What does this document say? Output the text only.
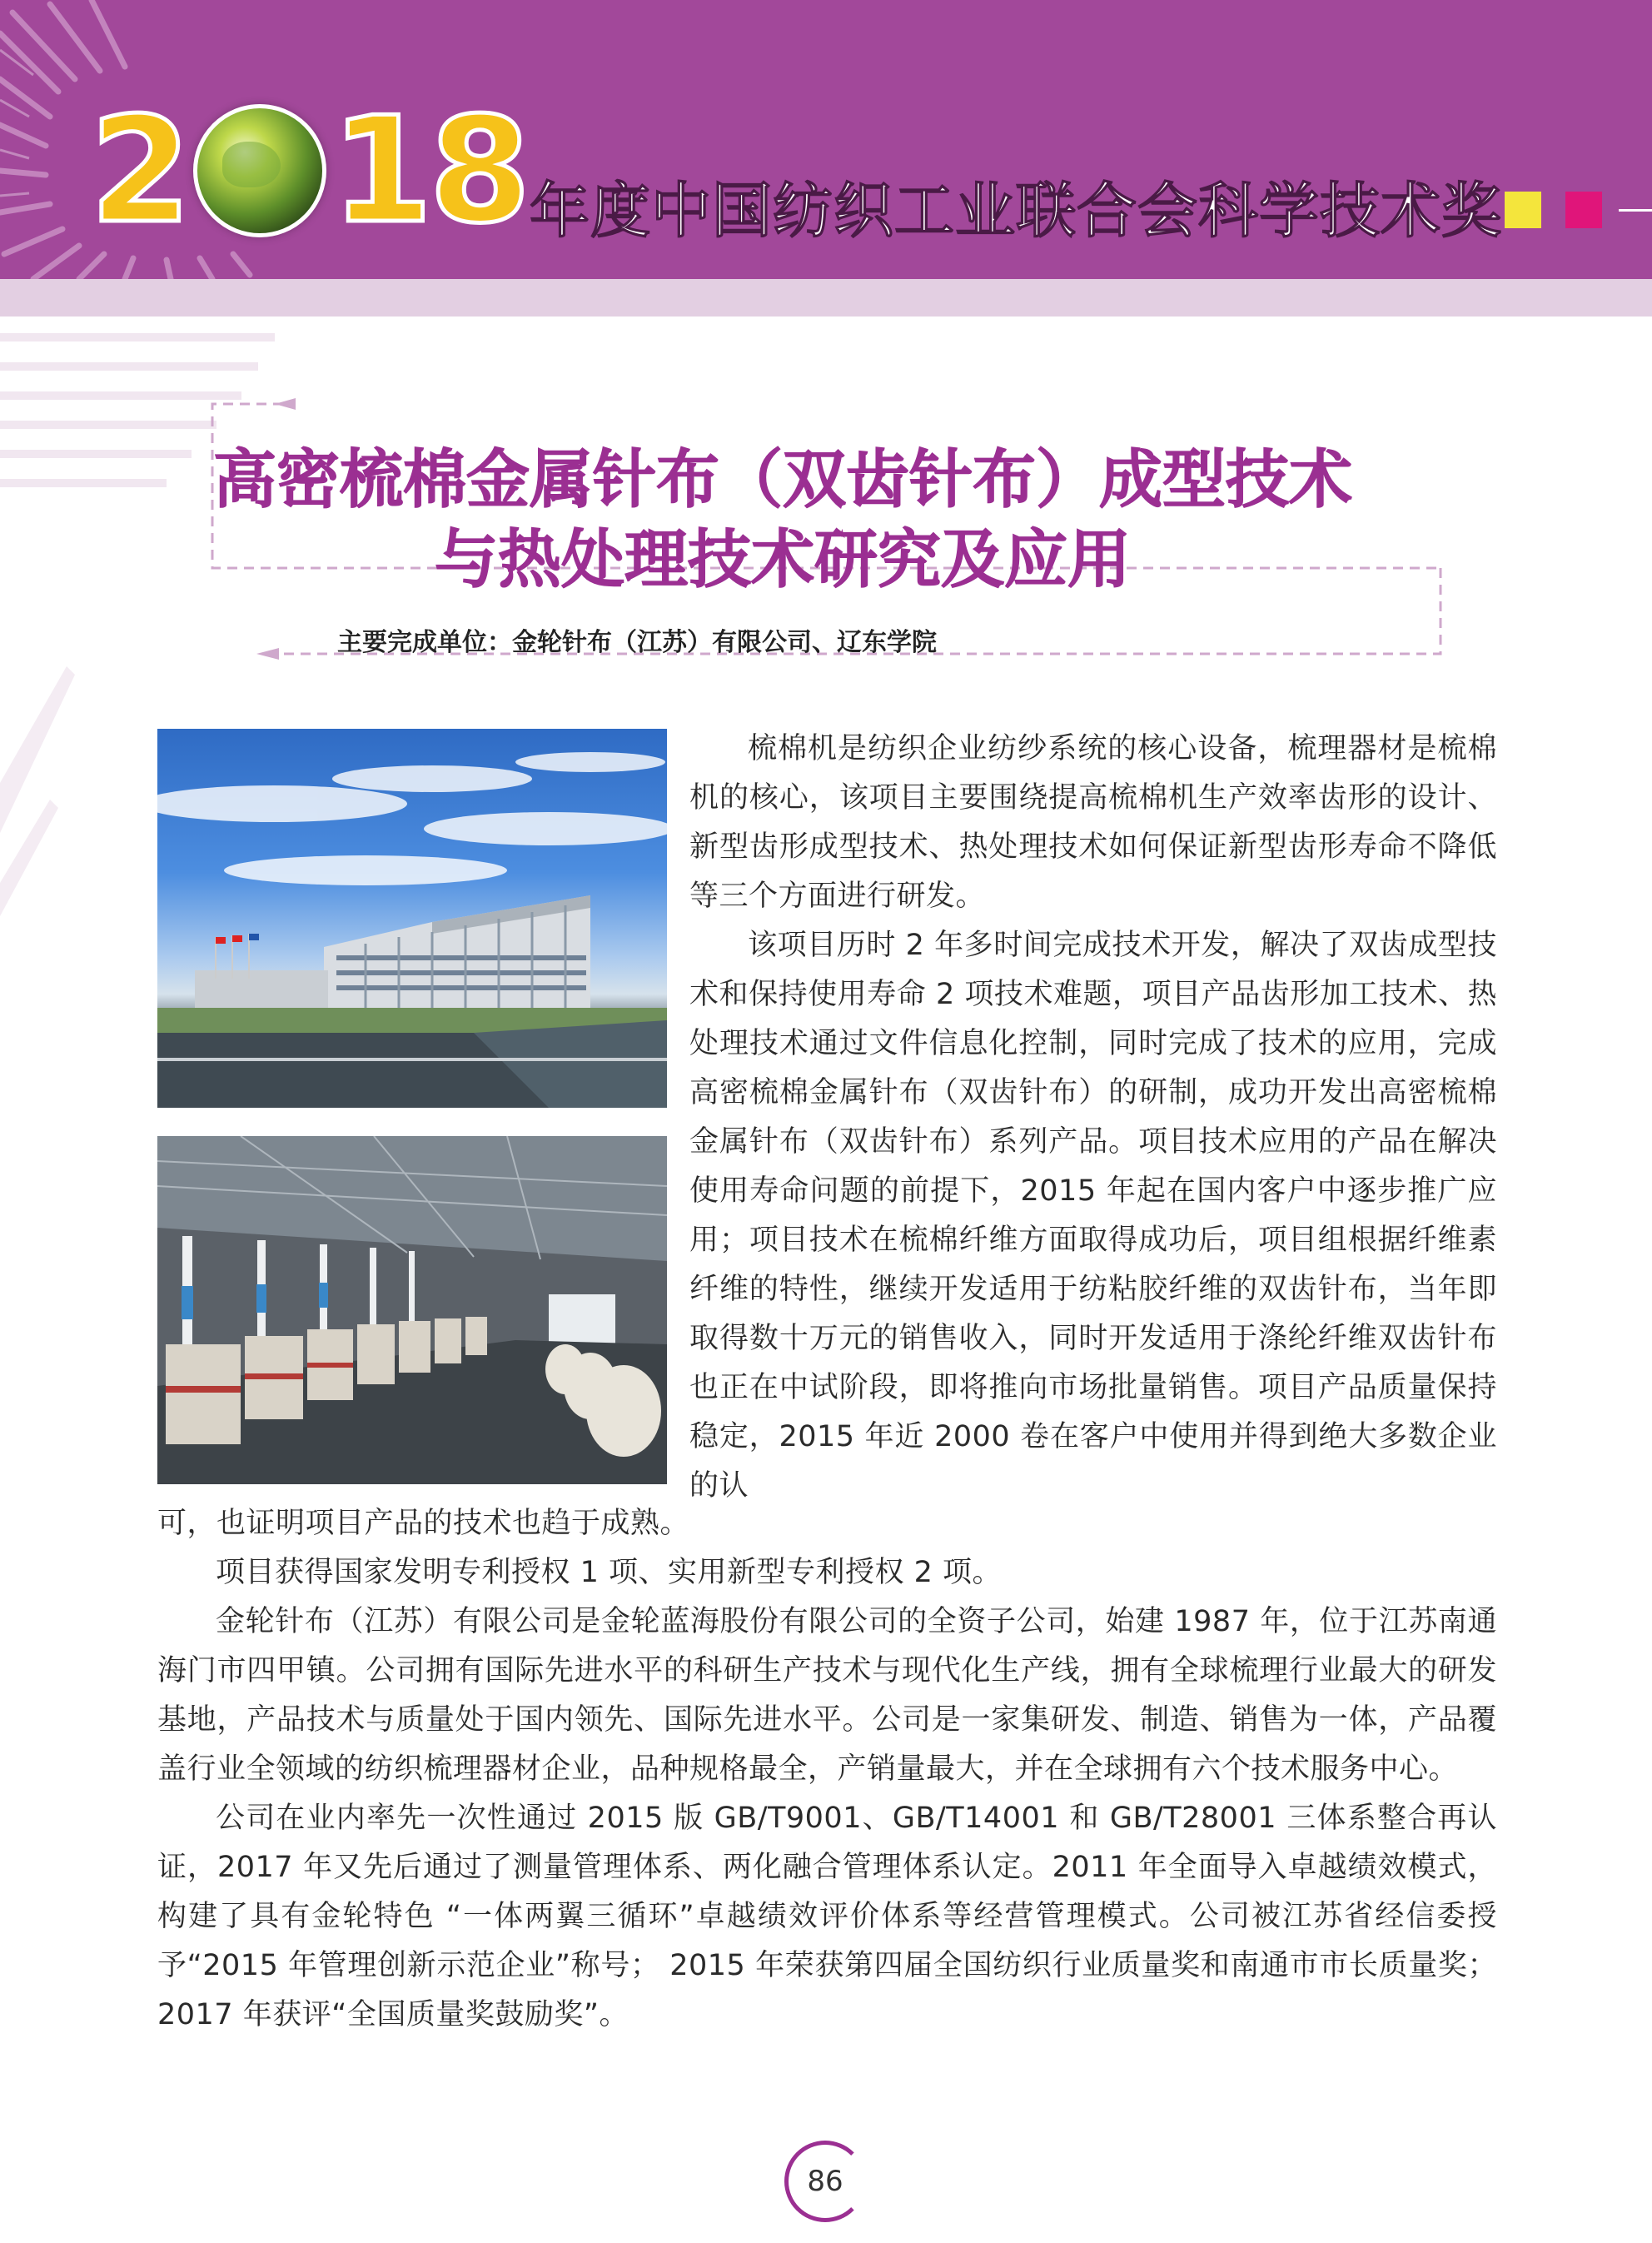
2 18 年度中国纺织工业联合会科学技术奖
高密梳棉金属针布（双齿针布）成型技术
与热处理技术研究及应用
主要完成单位：金轮针布（江苏）有限公司、辽东学院

梳棉机是纺织企业纺纱系统的核心设备，梳理器材是梳棉机的核心，该项目主要围绕提高梳棉机生产效率齿形的设计、新型齿形成型技术、热处理技术如何保证新型齿形寿命不降低等三个方面进行研发。

该项目历时 2 年多时间完成技术开发，解决了双齿成型技术和保持使用寿命 2 项技术难题，项目产品齿形加工技术、热处理技术通过文件信息化控制，同时完成了技术的应用，完成高密梳棉金属针布（双齿针布）的研制，成功开发出高密梳棉金属针布（双齿针布）系列产品。项目技术应用的产品在解决使用寿命问题的前提下，2015 年起在国内客户中逐步推广应用；项目技术在梳棉纤维方面取得成功后，项目组根据纤维素纤维的特性，继续开发适用于纺粘胶纤维的双齿针布，当年即取得数十万元的销售收入，同时开发适用于涤纶纤维双齿针布也正在中试阶段，即将推向市场批量销售。项目产品质量保持稳定，2015 年近 2000 卷在客户中使用并得到绝大多数企业的认

可，也证明项目产品的技术也趋于成熟。

项目获得国家发明专利授权 1 项、实用新型专利授权 2 项。

金轮针布（江苏）有限公司是金轮蓝海股份有限公司的全资子公司，始建 1987 年，位于江苏南通海门市四甲镇。公司拥有国际先进水平的科研生产技术与现代化生产线，拥有全球梳理行业最大的研发基地，产品技术与质量处于国内领先、国际先进水平。公司是一家集研发、制造、销售为一体，产品覆盖行业全领域的纺织梳理器材企业，品种规格最全，产销量最大，并在全球拥有六个技术服务中心。

公司在业内率先一次性通过 2015 版 GB/T9001、GB/T14001 和 GB/T28001 三体系整合再认证，2017 年又先后通过了测量管理体系、两化融合管理体系认定。2011 年全面导入卓越绩效模式，构建了具有金轮特色 “一体两翼三循环”卓越绩效评价体系等经营管理模式。公司被江苏省经信委授予“2015 年管理创新示范企业”称号； 2015 年荣获第四届全国纺织行业质量奖和南通市市长质量奖；2017 年获评“全国质量奖鼓励奖”。

86
